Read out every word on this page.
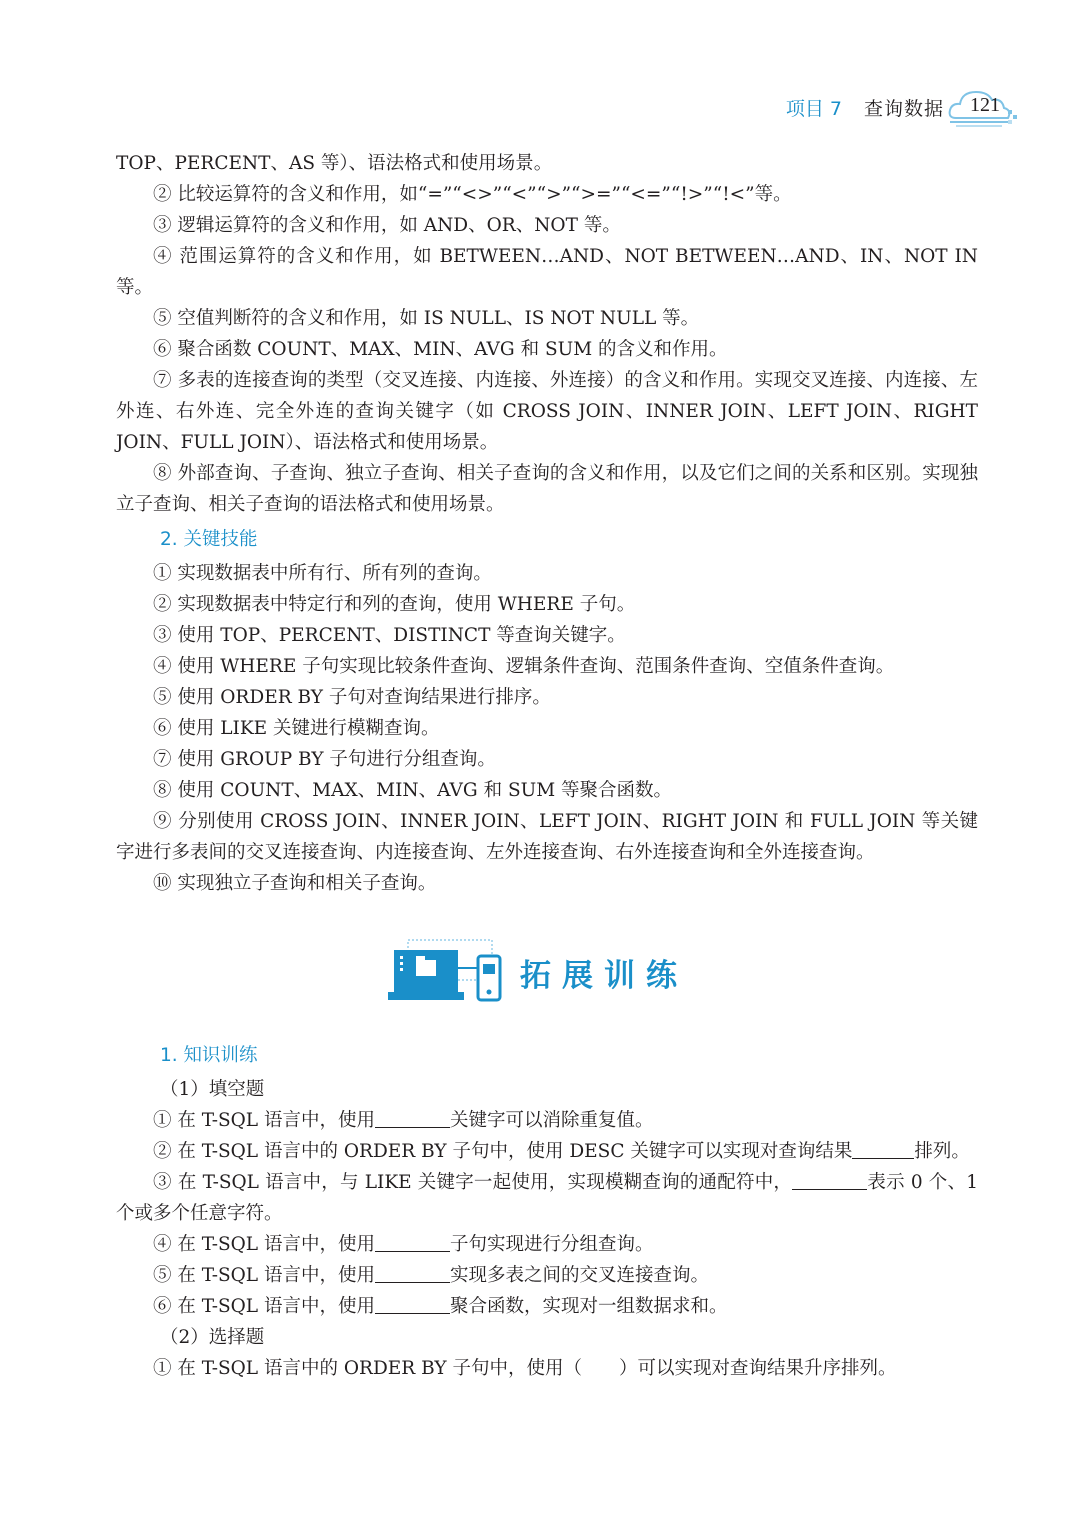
项目 7 查询数据 121

TOP、PERCENT、AS 等）、语法格式和使用场景。

② 比较运算符的含义和作用，如“=”“<>”“<”“>”“>=”“<=”“!>”“!<”等。

③ 逻辑运算符的含义和作用，如 AND、OR、NOT 等。

④ 范围运算符的含义和作用，如 BETWEEN…AND、NOT BETWEEN…AND、IN、NOT IN 等。

⑤ 空值判断符的含义和作用，如 IS NULL、IS NOT NULL 等。

⑥ 聚合函数 COUNT、MAX、MIN、AVG 和 SUM 的含义和作用。

⑦ 多表的连接查询的类型（交叉连接、内连接、外连接）的含义和作用。实现交叉连接、内连接、左外连、右外连、完全外连的查询关键字（如 CROSS JOIN、INNER JOIN、LEFT JOIN、RIGHT JOIN、FULL JOIN）、语法格式和使用场景。

⑧ 外部查询、子查询、独立子查询、相关子查询的含义和作用，以及它们之间的关系和区别。实现独立子查询、相关子查询的语法格式和使用场景。

2. 关键技能

① 实现数据表中所有行、所有列的查询。

② 实现数据表中特定行和列的查询，使用 WHERE 子句。

③ 使用 TOP、PERCENT、DISTINCT 等查询关键字。

④ 使用 WHERE 子句实现比较条件查询、逻辑条件查询、范围条件查询、空值条件查询。

⑤ 使用 ORDER BY 子句对查询结果进行排序。

⑥ 使用 LIKE 关键进行模糊查询。

⑦ 使用 GROUP BY 子句进行分组查询。

⑧ 使用 COUNT、MAX、MIN、AVG 和 SUM 等聚合函数。

⑨ 分别使用 CROSS JOIN、INNER JOIN、LEFT JOIN、RIGHT JOIN 和 FULL JOIN 等关键字进行多表间的交叉连接查询、内连接查询、左外连接查询、右外连接查询和全外连接查询。

⑩ 实现独立子查询和相关子查询。

拓展训练

1. 知识训练

（1）填空题

① 在 T-SQL 语言中，使用	关键字可以消除重复值。

② 在 T-SQL 语言中的 ORDER BY 子句中，使用 DESC 关键字可以实现对查询结果	排列。

③ 在 T-SQL 语言中，与 LIKE 关键字一起使用，实现模糊查询的通配符中，	表示 0 个、1 个或多个任意字符。

④ 在 T-SQL 语言中，使用	子句实现进行分组查询。

⑤ 在 T-SQL 语言中，使用	实现多表之间的交叉连接查询。

⑥ 在 T-SQL 语言中，使用	聚合函数，实现对一组数据求和。

（2）选择题

① 在 T-SQL 语言中的 ORDER BY 子句中，使用（　　）可以实现对查询结果升序排列。
